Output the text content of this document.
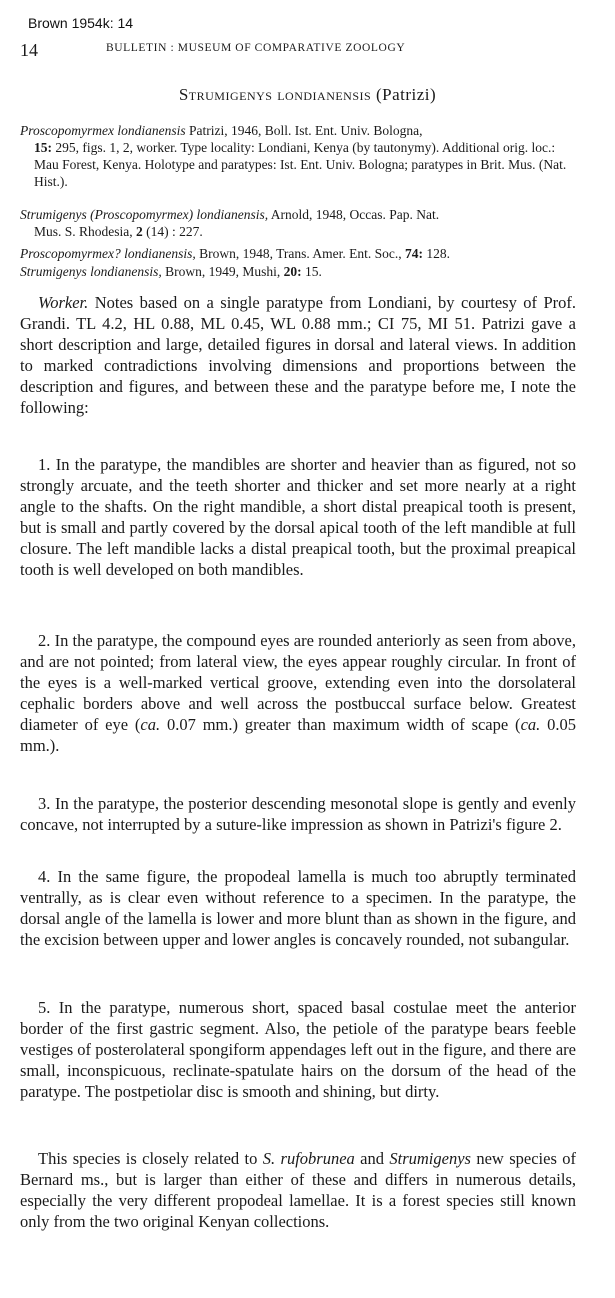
Brown 1954k: 14
14	BULLETIN : MUSEUM OF COMPARATIVE ZOOLOGY
Strumigenys londianensis (Patrizi)
Proscopomyrmex londianensis Patrizi, 1946, Boll. Ist. Ent. Univ. Bologna,
15: 295, figs. 1, 2, worker. Type locality: Londiani, Kenya (by tautonymy). Additional orig. loc.: Mau Forest, Kenya. Holotype and paratypes: Ist. Ent. Univ. Bologna; paratypes in Brit. Mus. (Nat. Hist.).
Strumigenys (Proscopomyrmex) londianensis, Arnold, 1948, Occas. Pap. Nat.
Mus. S. Rhodesia, 2 (14) : 227.
Proscopomyrmex? londianensis, Brown, 1948, Trans. Amer. Ent. Soc., 74: 128.
Strumigenys londianensis, Brown, 1949, Mushi, 20: 15.

Worker. Notes based on a single paratype from Londiani, by courtesy of Prof. Grandi. TL 4.2, HL 0.88, ML 0.45, WL 0.88 mm.; CI 75, MI 51. Patrizi gave a short description and large, detailed figures in dorsal and lateral views. In addition to marked contradictions involving dimensions and proportions between the description and figures, and between these and the paratype before me, I note the following:

1. In the paratype, the mandibles are shorter and heavier than as figured, not so strongly arcuate, and the teeth shorter and thicker and set more nearly at a right angle to the shafts. On the right mandible, a short distal preapical tooth is present, but is small and partly covered by the dorsal apical tooth of the left mandible at full closure. The left mandible lacks a distal preapical tooth, but the proximal preapical tooth is well developed on both mandibles.

2. In the paratype, the compound eyes are rounded anteriorly as seen from above, and are not pointed; from lateral view, the eyes appear roughly circular. In front of the eyes is a well-marked vertical groove, extending even into the dorsolateral cephalic borders above and well across the postbuccal surface below. Greatest diameter of eye (ca. 0.07 mm.) greater than maximum width of scape (ca. 0.05 mm.).

3. In the paratype, the posterior descending mesonotal slope is gently and evenly concave, not interrupted by a suture-like impression as shown in Patrizi's figure 2.

4. In the same figure, the propodeal lamella is much too abruptly terminated ventrally, as is clear even without reference to a specimen. In the paratype, the dorsal angle of the lamella is lower and more blunt than as shown in the figure, and the excision between upper and lower angles is concavely rounded, not subangular.

5. In the paratype, numerous short, spaced basal costulae meet the anterior border of the first gastric segment. Also, the petiole of the paratype bears feeble vestiges of posterolateral spongiform appendages left out in the figure, and there are small, inconspicuous, reclinate-spatulate hairs on the dorsum of the head of the paratype. The postpetiolar disc is smooth and shining, but dirty.

This species is closely related to S. rufobrunea and Strumigenys new species of Bernard ms., but is larger than either of these and differs in numerous details, especially the very different propodeal lamellae. It is a forest species still known only from the two original Kenyan collections.
